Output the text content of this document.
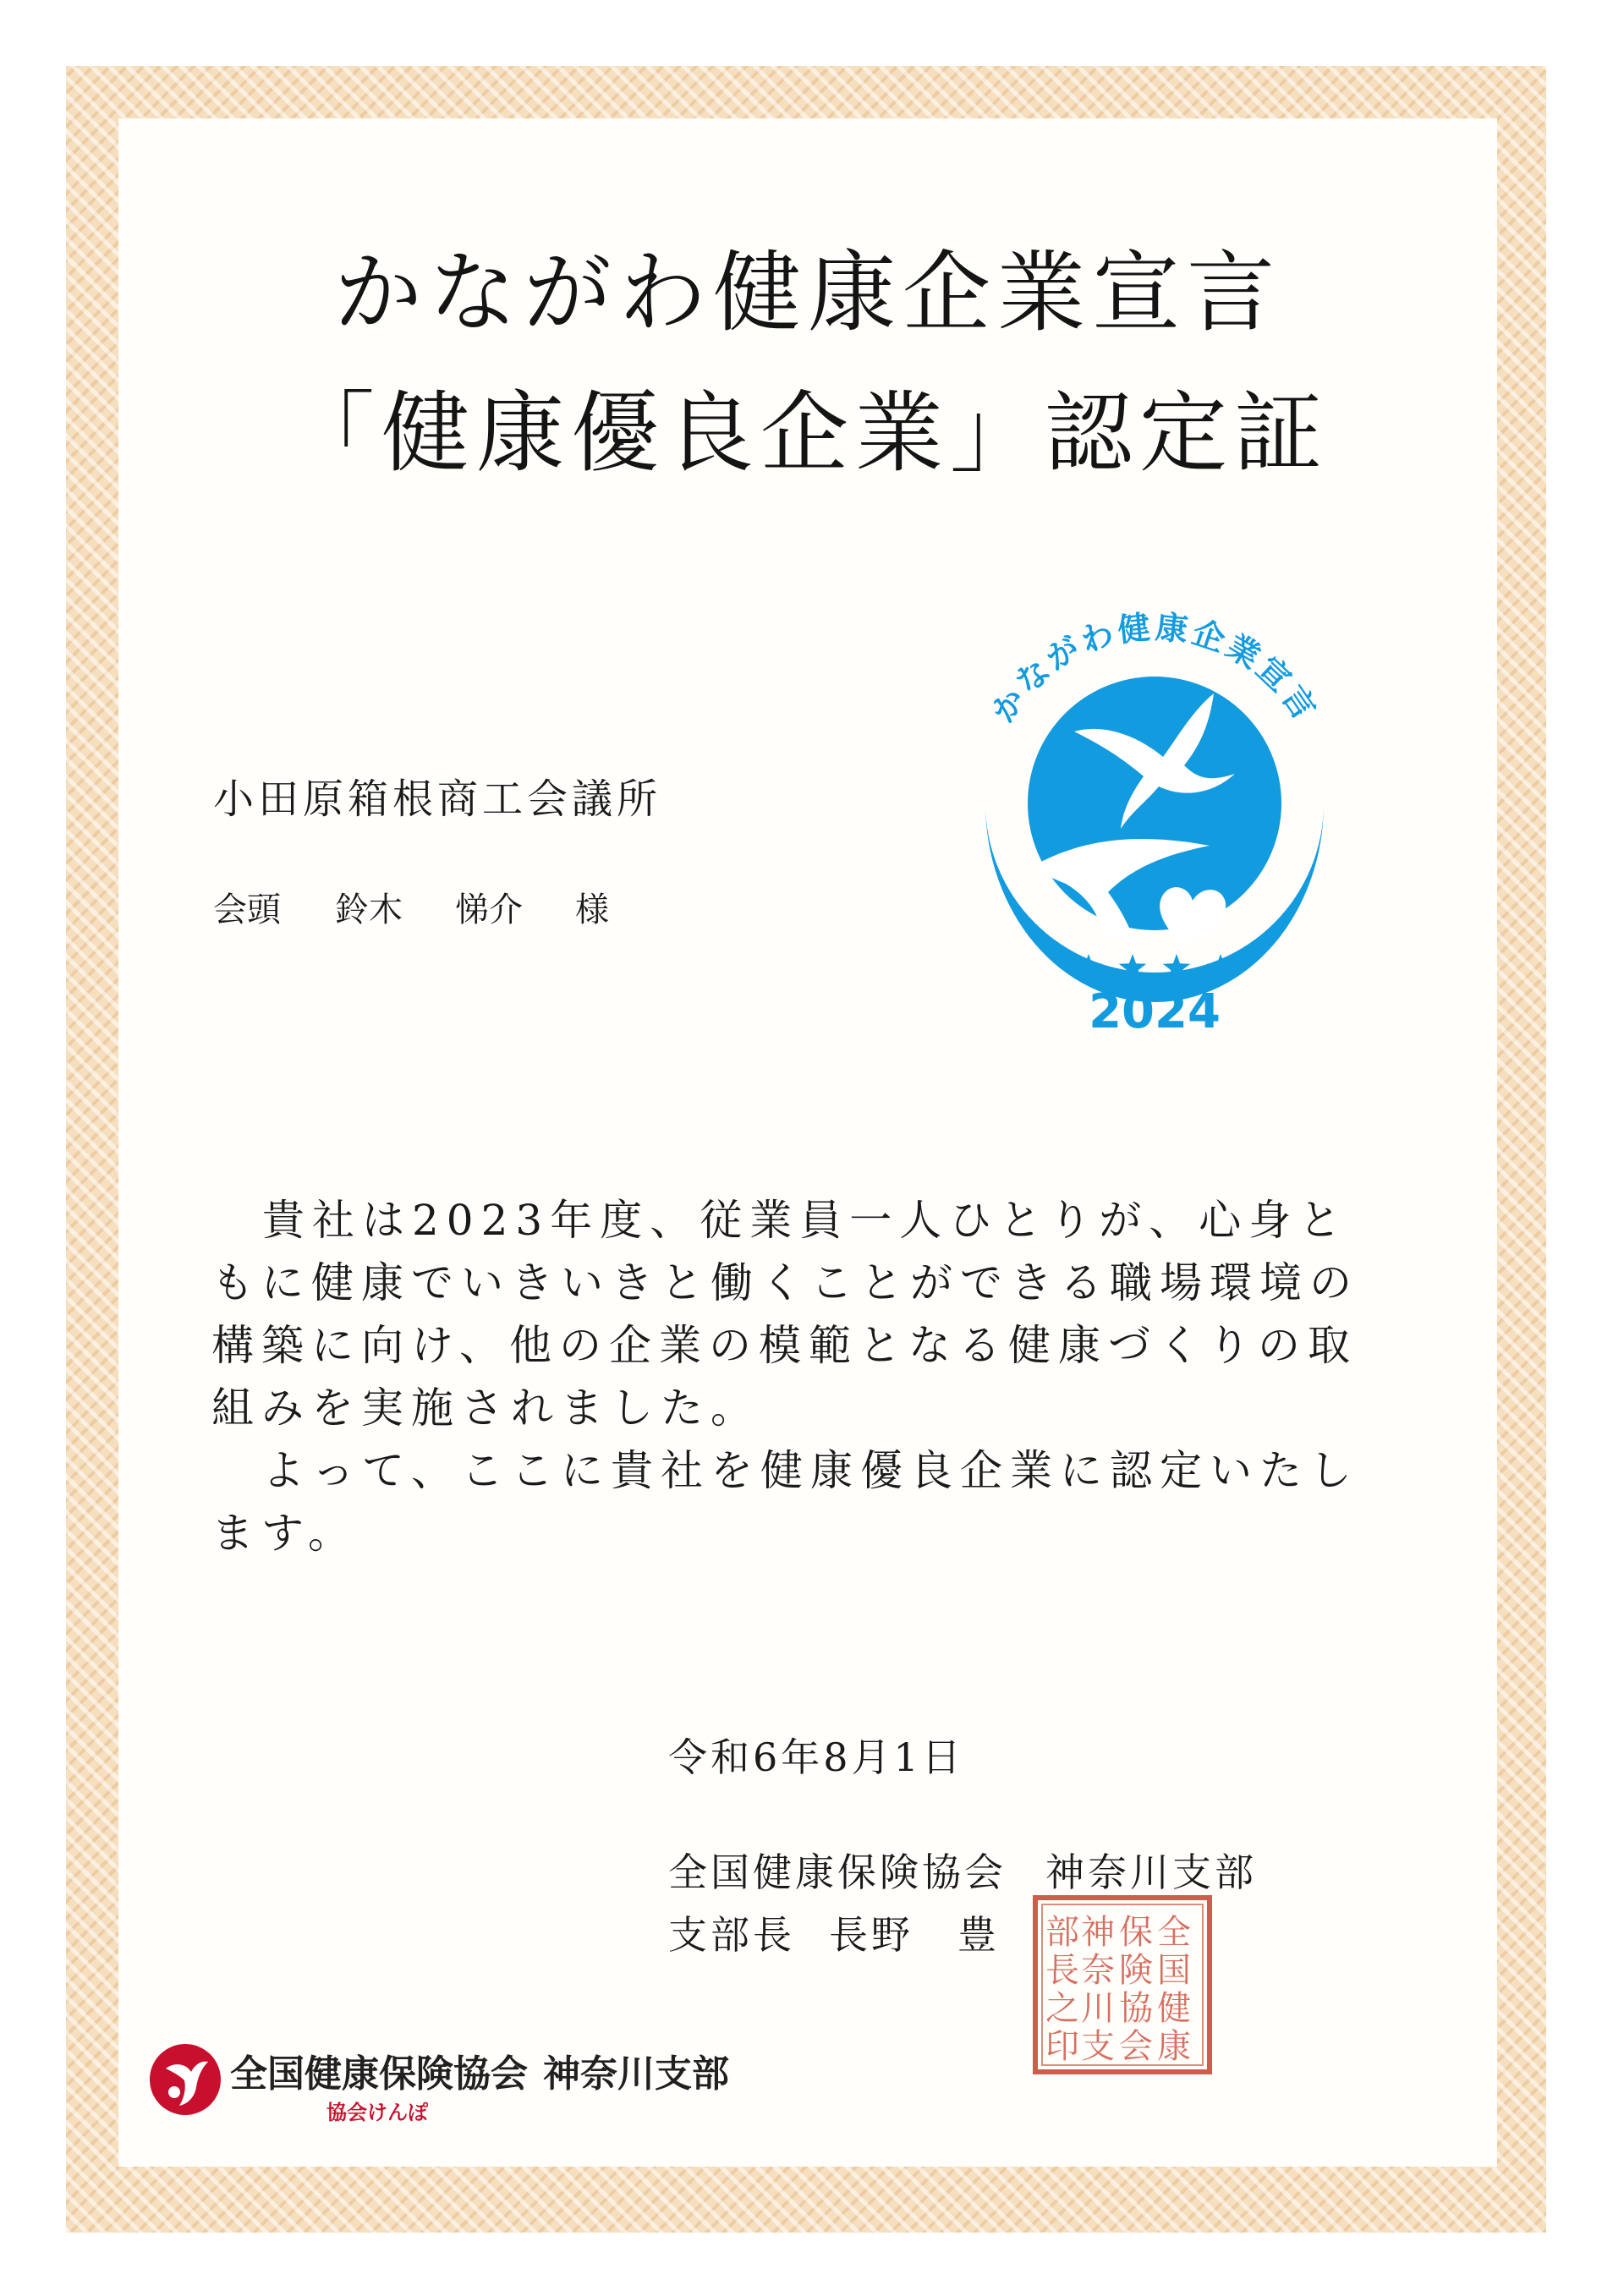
かながわ健康企業宣言
「健康優良企業」認定証
かながわ健康企業宣言
2024
小田原箱根商工会議所
会頭 鈴木 悌介 様

貴社は2023年度、従業員一人ひとりが、心身ともに健康でいきいきと働くことができる職場環境の構築に向け、他の企業の模範となる健康づくりの取組みを実施されました。

よって、ここに貴社を健康優良企業に認定いたします。

令和6年8月1日
全国健康保険協会 神奈川支部
支部長 長野 豊	全
国
健
康
保
険
協
会
神
奈
川
支
部
長
之
印
全国健康保険協会 神奈川支部
協会けんぽ
